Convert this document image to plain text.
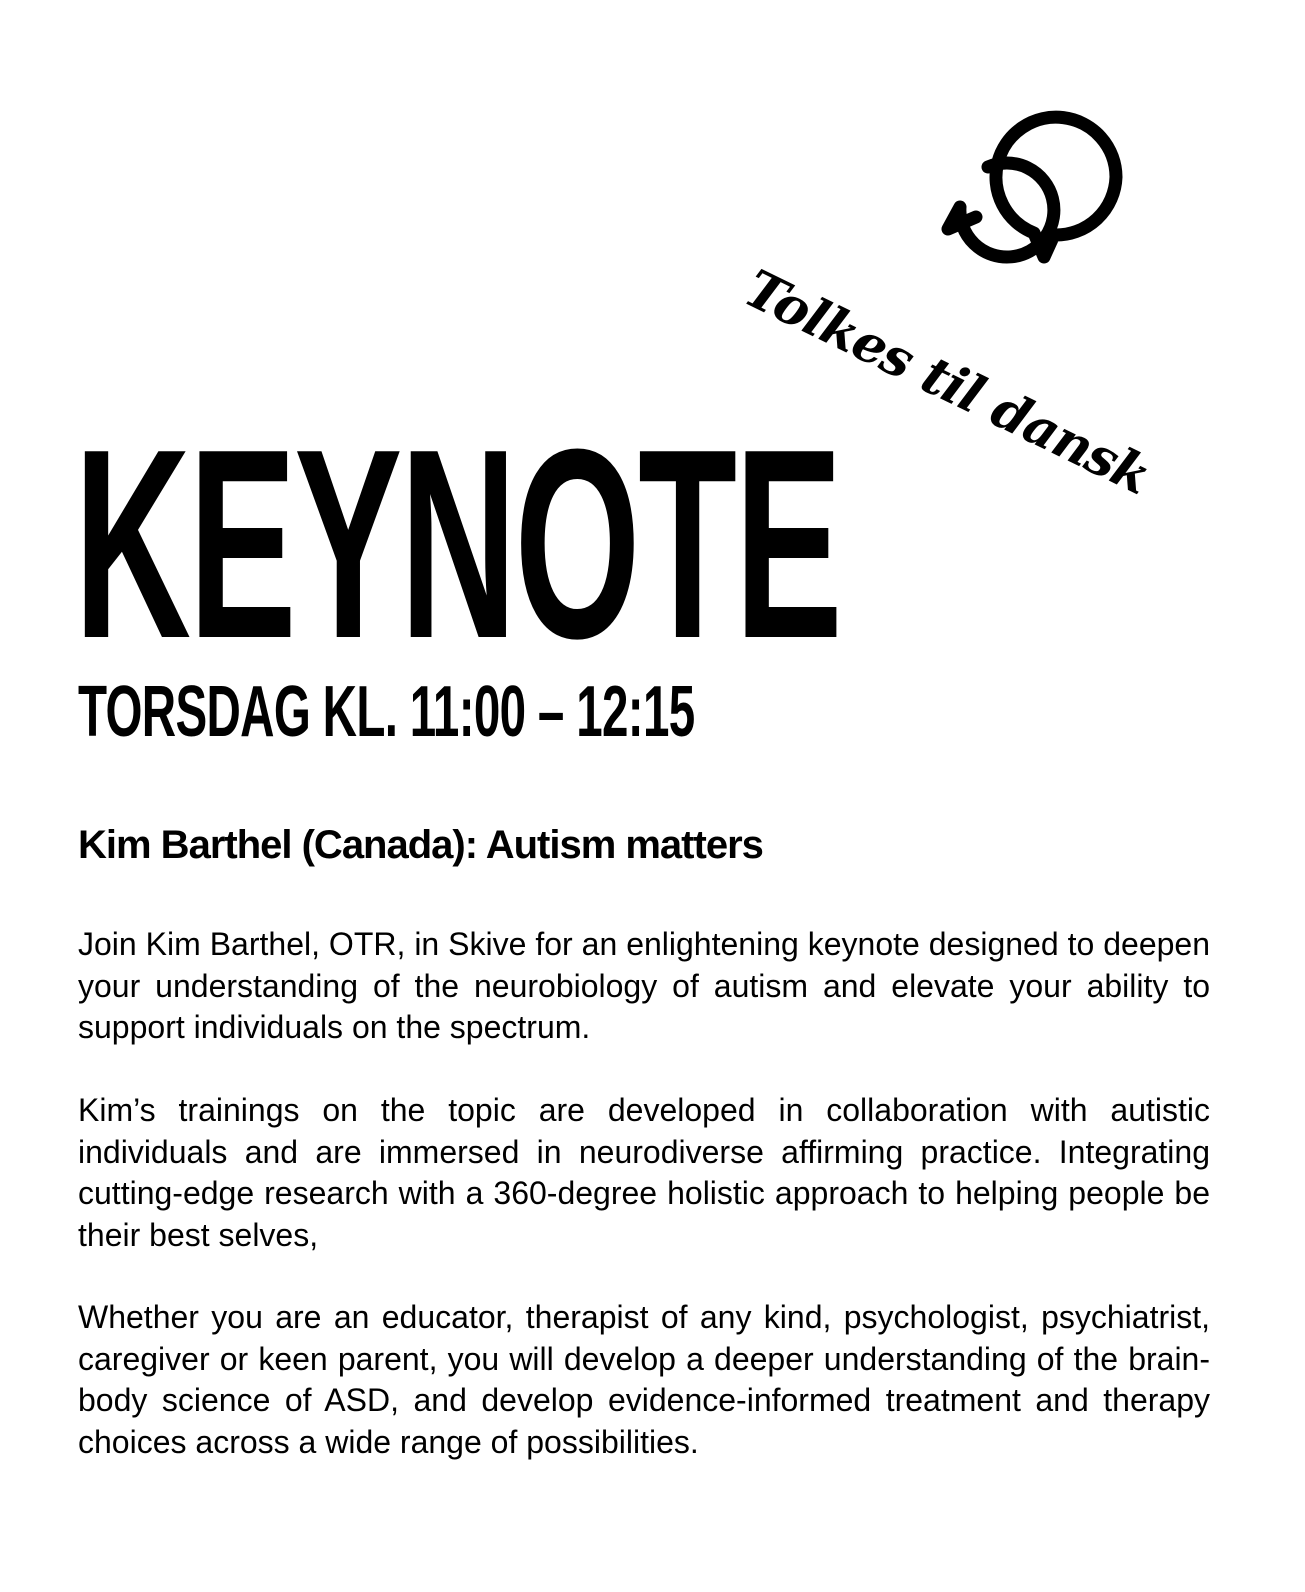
Tolkes til dansk
KEYNOTE
TORSDAG KL. 11:00 – 12:15
Kim Barthel (Canada): Autism matters

Join Kim Barthel, OTR, in Skive for an enlightening keynote designed to deepen your understanding of the neurobiology of autism and elevate your ability to support individuals on the spectrum.

Kim’s trainings on the topic are developed in collaboration with autistic individuals and are immersed in neurodiverse affirming practice. Integrating cutting-edge research with a 360-degree holistic approach to helping people be their best selves,

Whether you are an educator, therapist of any kind, psychologist, psychiatrist, caregiver or keen parent, you will develop a deeper understanding of the brain-body science of ASD, and develop evidence-informed treatment and therapy choices across a wide range of possibilities.
